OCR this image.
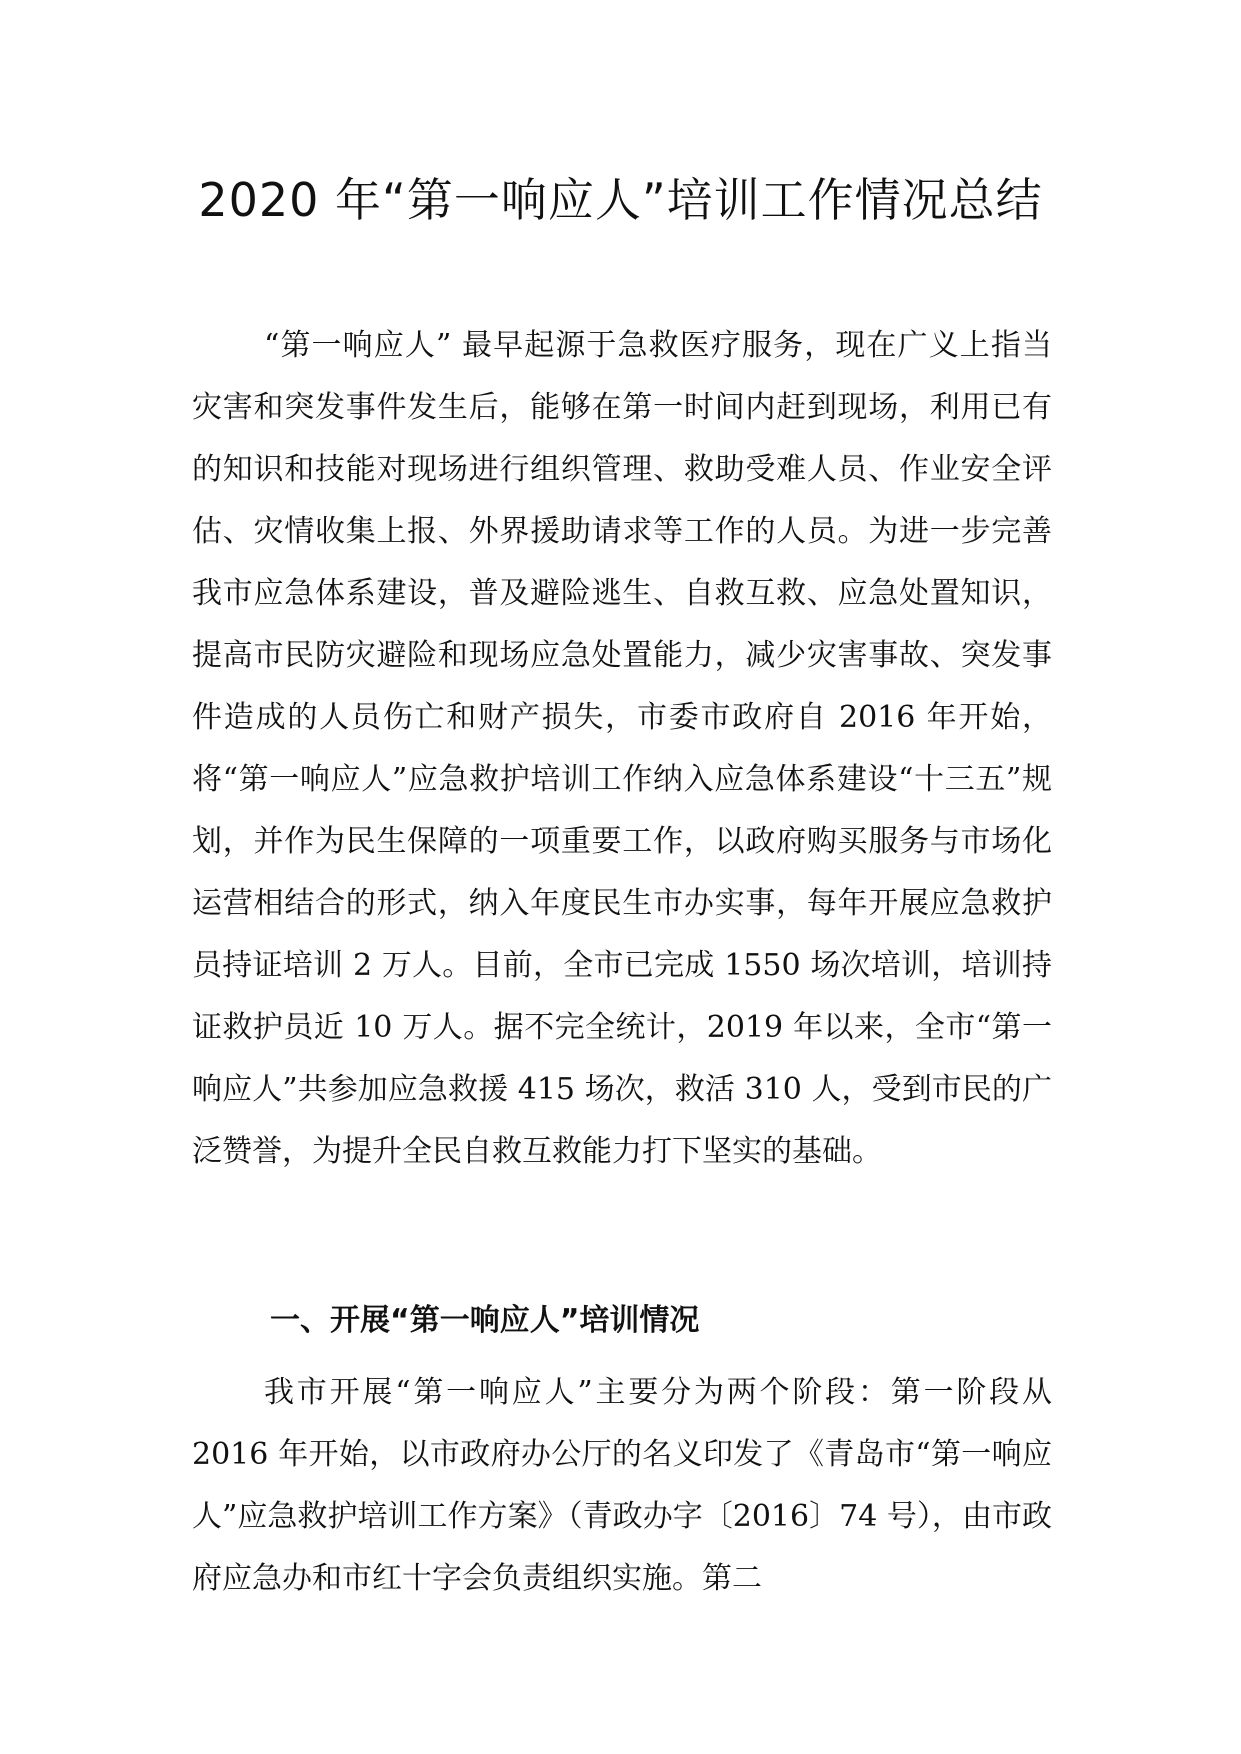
2020 年“第一响应人”培训工作情况总结

“第一响应人” 最早起源于急救医疗服务，现在广义上指当灾害和突发事件发生后，能够在第一时间内赶到现场，利用已有的知识和技能对现场进行组织管理、救助受难人员、作业安全评估、灾情收集上报、外界援助请求等工作的人员。为进一步完善我市应急体系建设，普及避险逃生、自救互救、应急处置知识，提高市民防灾避险和现场应急处置能力，减少灾害事故、突发事件造成的人员伤亡和财产损失，市委市政府自 2016 年开始，将“第一响应人”应急救护培训工作纳入应急体系建设“十三五”规划，并作为民生保障的一项重要工作，以政府购买服务与市场化运营相结合的形式，纳入年度民生市办实事，每年开展应急救护员持证培训 2 万人。目前，全市已完成 1550 场次培训，培训持证救护员近 10 万人。据不完全统计，2019 年以来，全市“第一响应人”共参加应急救援 415 场次，救活 310 人，受到市民的广泛赞誉，为提升全民自救互救能力打下坚实的基础。

一、开展“第一响应人”培训情况

我市开展“第一响应人”主要分为两个阶段：第一阶段从　 2016 年开始，以市政府办公厅的名义印发了《青岛市“第一响应人”应急救护培训工作方案》（青政办字〔2016〕74 号），由市政府应急办和市红十字会负责组织实施。第二
